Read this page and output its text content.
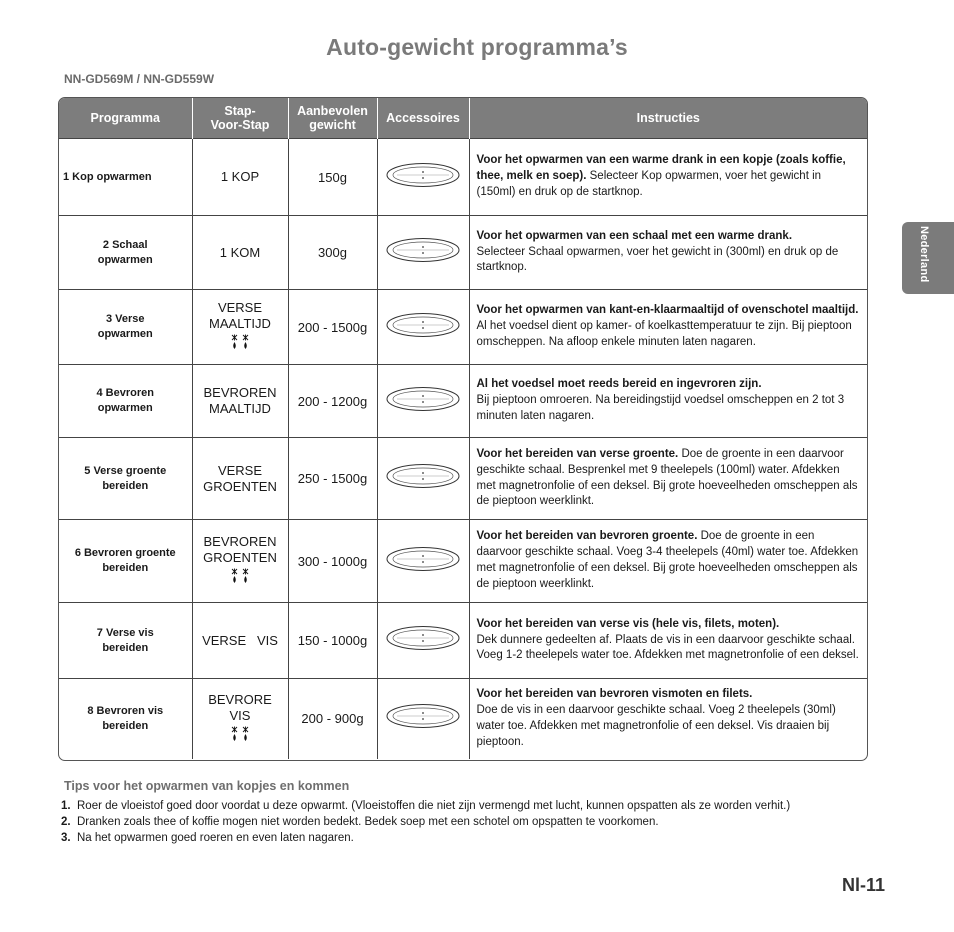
Auto-gewicht programma’s
NN-GD569M / NN-GD559W
Nederland
Programma	Stap-
Voor-Stap	Aanbevolen
gewicht	Accessoires	Instructies
1 Kop opwarmen	1 KOP	150g		Voor het opwarmen van een warme drank in een kopje (zoals koffie, thee, melk en soep). Selecteer Kop opwarmen, voer het gewicht in (150ml) en druk op de startknop.
2 Schaal
opwarmen	1 KOM	300g		Voor het opwarmen van een schaal met een warme drank.
Selecteer Schaal opwarmen, voer het gewicht in (300ml) en druk op de startknop.
3 Verse
opwarmen	VERSE
MAALTIJD	200 - 1500g		Voor het opwarmen van kant-en-klaarmaaltijd of ovenschotel maaltijd. Al het voedsel dient op kamer- of koelkasttemperatuur te zijn. Bij pieptoon omscheppen. Na afloop enkele minuten laten nagaren.
4 Bevroren
opwarmen	BEVROREN
MAALTIJD	200 - 1200g		Al het voedsel moet reeds bereid en ingevroren zijn.
Bij pieptoon omroeren. Na bereidingstijd voedsel omscheppen en 2 tot 3 minuten laten nagaren.
5 Verse groente
bereiden	VERSE
GROENTEN	250 - 1500g		Voor het bereiden van verse groente. Doe de groente in een daarvoor geschikte schaal. Besprenkel met 9 theelepels (100ml) water. Afdekken met magnetronfolie of een deksel. Bij grote hoeveelheden omscheppen als de pieptoon weerklinkt.
6 Bevroren groente
bereiden	BEVROREN
GROENTEN	300 - 1000g		Voor het bereiden van bevroren groente. Doe de groente in een daarvoor geschikte schaal. Voeg 3-4 theelepels (40ml) water toe. Afdekken met magnetronfolie of een deksel. Bij grote hoeveelheden omscheppen als de pieptoon weerklinkt.
7 Verse vis
bereiden	VERSE   VIS	150 - 1000g		Voor het bereiden van verse vis (hele vis, filets, moten).
Dek dunnere gedeelten af. Plaats de vis in een daarvoor geschikte schaal. Voeg 1-2 theelepels water toe. Afdekken met magnetronfolie of een deksel.
8 Bevroren vis
bereiden	BEVRORE
VIS	200 - 900g		Voor het bereiden van bevroren vismoten en filets.
Doe de vis in een daarvoor geschikte schaal. Voeg 2 theelepels (30ml) water toe. Afdekken met magnetronfolie of een deksel. Vis draaien bij pieptoon.
Tips voor het opwarmen van kopjes en kommen
1. Roer de vloeistof goed door voordat u deze opwarmt. (Vloeistoffen die niet zijn vermengd met lucht, kunnen opspatten als ze worden verhit.)
2. Dranken zoals thee of koffie mogen niet worden bedekt. Bedek soep met een schotel om opspatten te voorkomen.
3. Na het opwarmen goed roeren en even laten nagaren.
Nl-11
